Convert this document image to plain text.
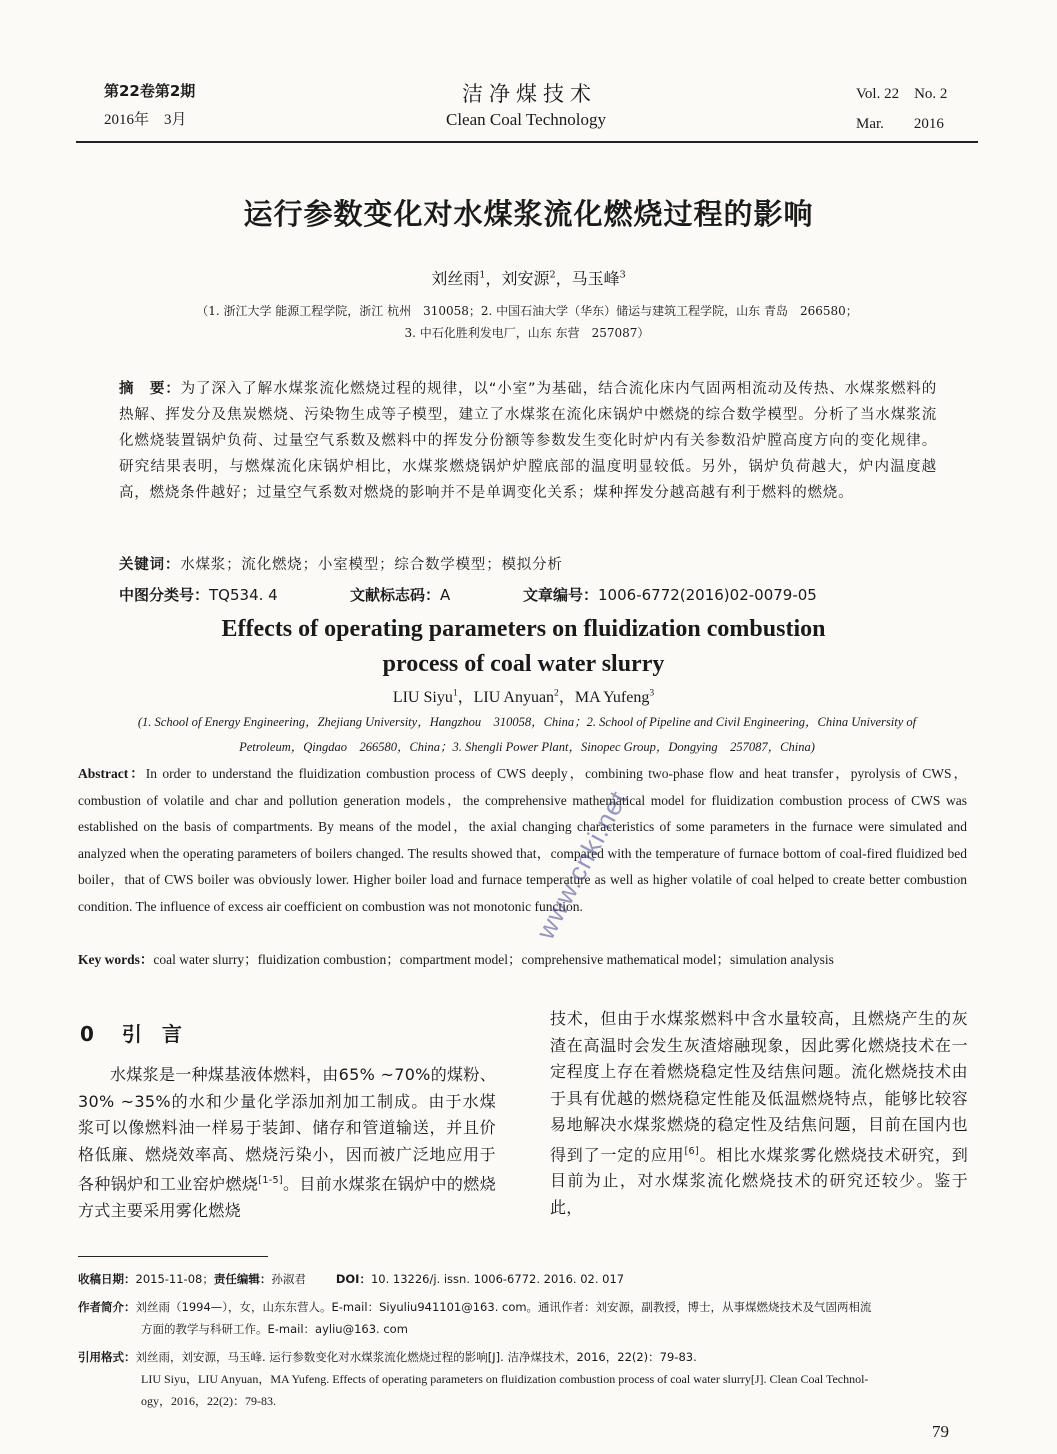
第22卷第2期
2016年　3月
洁净煤技术
Clean Coal Technology
Vol. 22　No. 2
Mar.　　2016
运行参数变化对水煤浆流化燃烧过程的影响
刘丝雨$^1$，刘安源$^2$，马玉峰$^3$
（1. 浙江大学 能源工程学院，浙江 杭州　310058；2. 中国石油大学（华东）储运与建筑工程学院，山东 青岛　266580；
3. 中石化胜利发电厂，山东 东营　257087）
摘　要：为了深入了解水煤浆流化燃烧过程的规律，以“小室”为基础，结合流化床内气固两相流动及传热、水煤浆燃料的热解、挥发分及焦炭燃烧、污染物生成等子模型，建立了水煤浆在流化床锅炉中燃烧的综合数学模型。分析了当水煤浆流化燃烧装置锅炉负荷、过量空气系数及燃料中的挥发分份额等参数发生变化时炉内有关参数沿炉膛高度方向的变化规律。研究结果表明，与燃煤流化床锅炉相比，水煤浆燃烧锅炉炉膛底部的温度明显较低。另外，锅炉负荷越大，炉内温度越高，燃烧条件越好；过量空气系数对燃烧的影响并不是单调变化关系；煤种挥发分越高越有利于燃料的燃烧。
关键词：水煤浆；流化燃烧；小室模型；综合数学模型；模拟分析
中图分类号：TQ534. 4	文献标志码：A	文章编号：1006-6772(2016)02-0079-05
Effects of operating parameters on fluidization combustion
process of coal water slurry
LIU Siyu$^1$，LIU Anyuan$^2$，MA Yufeng$^3$
(1. School of Energy Engineering，Zhejiang University，Hangzhou　310058，China；2. School of Pipeline and Civil Engineering，China University of
Petroleum，Qingdao　266580，China；3. Shengli Power Plant，Sinopec Group，Dongying　257087，China)
Abstract：In order to understand the fluidization combustion process of CWS deeply，combining two-phase flow and heat transfer，pyrolysis of CWS，combustion of volatile and char and pollution generation models，the comprehensive mathematical model for fluidization combustion process of CWS was established on the basis of compartments. By means of the model，the axial changing characteristics of some parameters in the furnace were simulated and analyzed when the operating parameters of boilers changed. The results showed that，compared with the temperature of furnace bottom of coal-fired fluidized bed boiler，that of CWS boiler was obviously lower. Higher boiler load and furnace temperature as well as higher volatile of coal helped to create better combustion condition. The influence of excess air coefficient on combustion was not monotonic function.
Key words：coal water slurry；fluidization combustion；compartment model；comprehensive mathematical model；simulation analysis
www.cnki.net
0 引　言
水煤浆是一种煤基液体燃料，由65% ~70%的煤粉、30% ~35%的水和少量化学添加剂加工制成。由于水煤浆可以像燃料油一样易于装卸、储存和管道输送，并且价格低廉、燃烧效率高、燃烧污染小，因而被广泛地应用于各种锅炉和工业窑炉燃烧[1-5]。目前水煤浆在锅炉中的燃烧方式主要采用雾化燃烧
技术，但由于水煤浆燃料中含水量较高，且燃烧产生的灰渣在高温时会发生灰渣熔融现象，因此雾化燃烧技术在一定程度上存在着燃烧稳定性及结焦问题。流化燃烧技术由于具有优越的燃烧稳定性能及低温燃烧特点，能够比较容易地解决水煤浆燃烧的稳定性及结焦问题，目前在国内也得到了一定的应用[6]。相比水煤浆雾化燃烧技术研究，到目前为止，对水煤浆流化燃烧技术的研究还较少。鉴于此，
收稿日期：2015-11-08；责任编辑：孙淑君	DOI：10. 13226/j. issn. 1006-6772. 2016. 02. 017
作者简介：刘丝雨（1994—），女，山东东营人。E-mail：Siyuliu941101@163. com。通讯作者：刘安源，副教授，博士，从事煤燃烧技术及气固两相流
方面的教学与科研工作。E-mail：ayliu@163. com
引用格式：刘丝雨，刘安源，马玉峰. 运行参数变化对水煤浆流化燃烧过程的影响[J]. 洁净煤技术，2016，22(2)：79-83.
LIU Siyu，LIU Anyuan，MA Yufeng. Effects of operating parameters on fluidization combustion process of coal water slurry[J]. Clean Coal Technol-
ogy，2016，22(2)：79-83.
79
